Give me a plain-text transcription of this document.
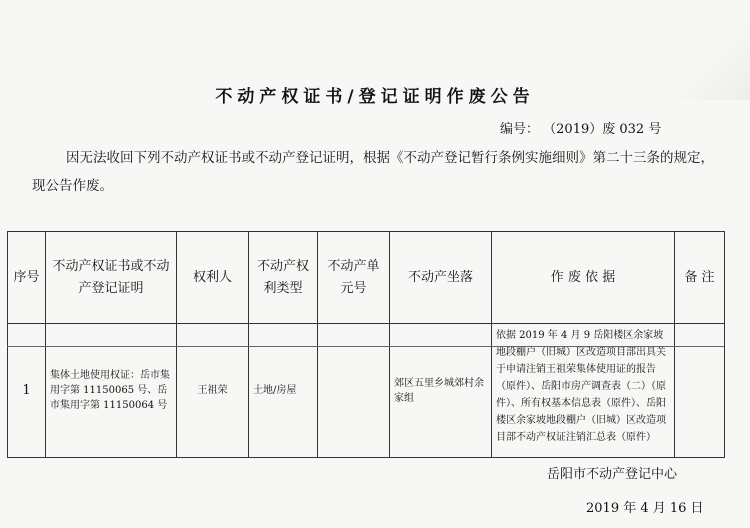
不动产权证书/登记证明作废公告
编号： （2019）废 032 号
因无法收回下列不动产权证书或不动产登记证明，根据《不动产登记暂行条例实施细则》第二十三条的规定，现公告作废。
序号	不动产权证书或不动产登记证明	权利人	不动产权利类型	不动产单元号	不动产坐落	作 废 依 据	备 注
1	集体土地使用权证：岳市集用字第 11150065 号、岳市集用字第 11150064 号	王祖荣	土地/房屋		郊区五里乡城郊村余家组	依据 2019 年 4 月 9 岳阳楼区余家坡地段棚户（旧城）区改造项目部出具关于申请注销王祖荣集体使用证的报告（原件）、岳阳市房产调查表（二）（原件）、所有权基本信息表（原件）、岳阳楼区余家坡地段棚户（旧城）区改造项目部不动产权证注销汇总表（原件）	
岳阳市不动产登记中心
2019 年 4 月 16 日
